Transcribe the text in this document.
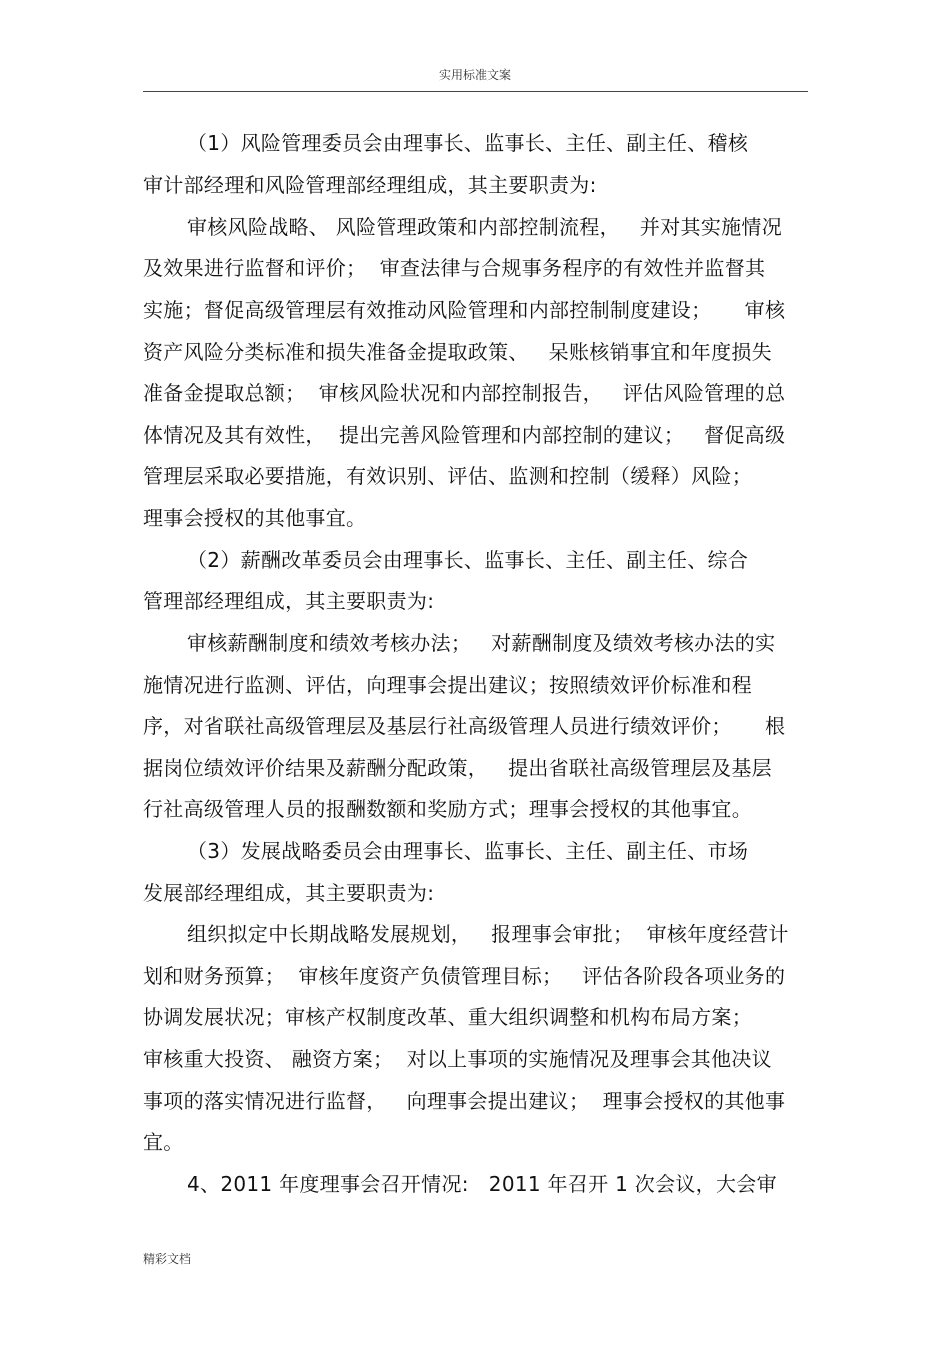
实用标准文案
（1）风险管理委员会由理事长、监事长、主任、副主任、稽核
审计部经理和风险管理部经理组成，其主要职责为:
审核风险战略、 风险管理政策和内部控制流程，   并对其实施情况
及效果进行监督和评价；  审查法律与合规事务程序的有效性并监督其
实施；督促高级管理层有效推动风险管理和内部控制制度建设；     审核
资产风险分类标准和损失准备金提取政策、   呆账核销事宜和年度损失
准备金提取总额；  审核风险状况和内部控制报告，   评估风险管理的总
体情况及其有效性，  提出完善风险管理和内部控制的建议；   督促高级
管理层采取必要措施，有效识别、评估、监测和控制（缓释）风险；
理事会授权的其他事宜。
（2）薪酬改革委员会由理事长、监事长、主任、副主任、综合
管理部经理组成，其主要职责为:
审核薪酬制度和绩效考核办法；   对薪酬制度及绩效考核办法的实
施情况进行监测、评估，向理事会提出建议；按照绩效评价标准和程
序，对省联社高级管理层及基层行社高级管理人员进行绩效评价；     根
据岗位绩效评价结果及薪酬分配政策，   提出省联社高级管理层及基层
行社高级管理人员的报酬数额和奖励方式；理事会授权的其他事宜。
（3）发展战略委员会由理事长、监事长、主任、副主任、市场
发展部经理组成，其主要职责为:
组织拟定中长期战略发展规划，   报理事会审批；  审核年度经营计
划和财务预算；  审核年度资产负债管理目标；   评估各阶段各项业务的
协调发展状况；审核产权制度改革、重大组织调整和机构布局方案；
审核重大投资、 融资方案；  对以上事项的实施情况及理事会其他决议
事项的落实情况进行监督，   向理事会提出建议；  理事会授权的其他事
宜。
4、2011 年度理事会召开情况:   2011 年召开 1 次会议，大会审
精彩文档
